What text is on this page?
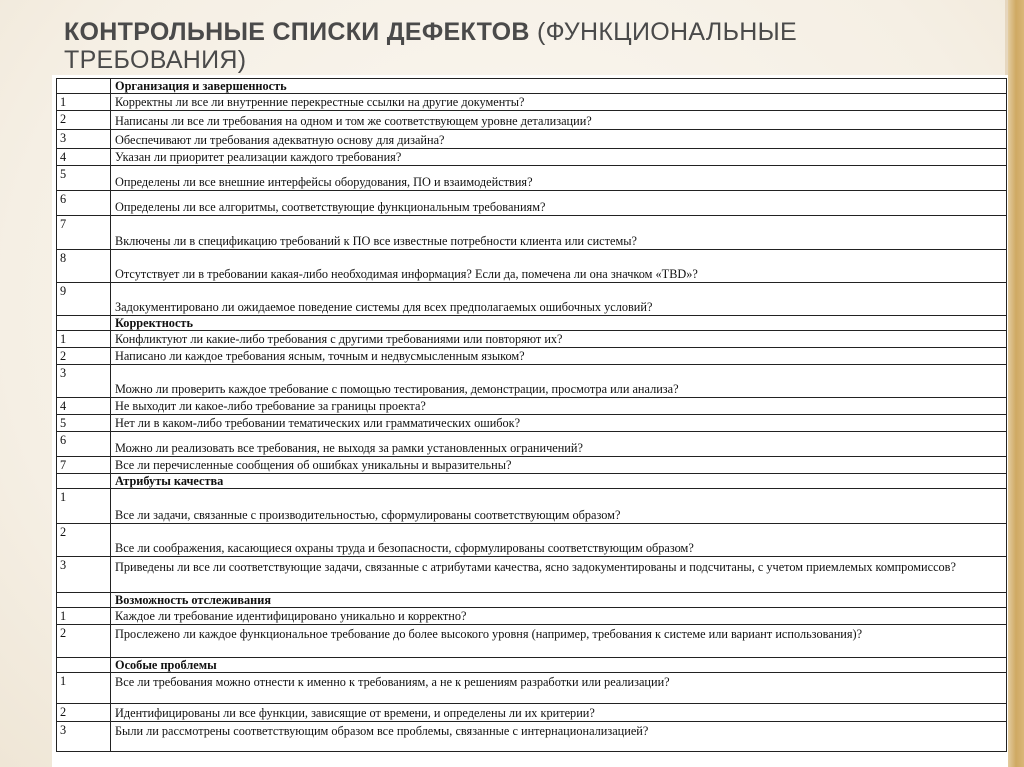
КОНТРОЛЬНЫЕ СПИСКИ ДЕФЕКТОВ (ФУНКЦИОНАЛЬНЫЕ ТРЕБОВАНИЯ)
	Организация и завершенность
1	Корректны ли все ли внутренние перекрестные ссылки на другие документы?
2	Написаны ли все ли требования на одном и том же соответствующем уровне детализации?
3	Обеспечивают ли требования адекватную основу для дизайна?
4	Указан ли приоритет реализации каждого требования?
5	Определены ли все внешние интерфейсы оборудования, ПО и взаимодействия?
6	Определены ли все алгоритмы, соответствующие функциональным требованиям?
7	Включены ли в спецификацию требований к ПО все известные потребности клиента или системы?
8	Отсутствует ли в требовании какая-либо необходимая информация? Если да, помечена ли она значком «TBD»?
9	Задокументировано ли ожидаемое поведение системы для всех предполагаемых ошибочных условий?
	Корректность
1	Конфликтуют ли какие-либо требования с другими требованиями или повторяют их?
2	Написано ли каждое требования ясным, точным и недвусмысленным языком?
3	Можно ли проверить каждое требование с помощью тестирования, демонстрации, просмотра или анализа?
4	Не выходит ли какое-либо требование за границы проекта?
5	Нет ли в каком-либо требовании тематических или грамматических ошибок?
6	Можно ли реализовать все требования, не выходя за рамки установленных ограничений?
7	Все ли перечисленные сообщения об ошибках уникальны и выразительны?
	Атрибуты качества
1	Все ли задачи, связанные с производительностью, сформулированы соответствующим образом?
2	Все ли соображения, касающиеся охраны труда и безопасности, сформулированы соответствующим образом?
3	Приведены ли все ли соответствующие задачи, связанные с атрибутами качества, ясно задокументированы и подсчитаны, с учетом приемлемых компромиссов?
	Возможность отслеживания
1	Каждое ли требование идентифицировано уникально и корректно?
2	Прослежено ли каждое функциональное требование до более высокого уровня (например, требования к системе или вариант использования)?
	Особые проблемы
1	Все ли требования можно отнести к именно к требованиям, а не к решениям разработки или реализации?
2	Идентифицированы ли все функции, зависящие от времени, и определены ли их критерии?
3	Были ли рассмотрены соответствующим образом все проблемы, связанные с интернационализацией?
